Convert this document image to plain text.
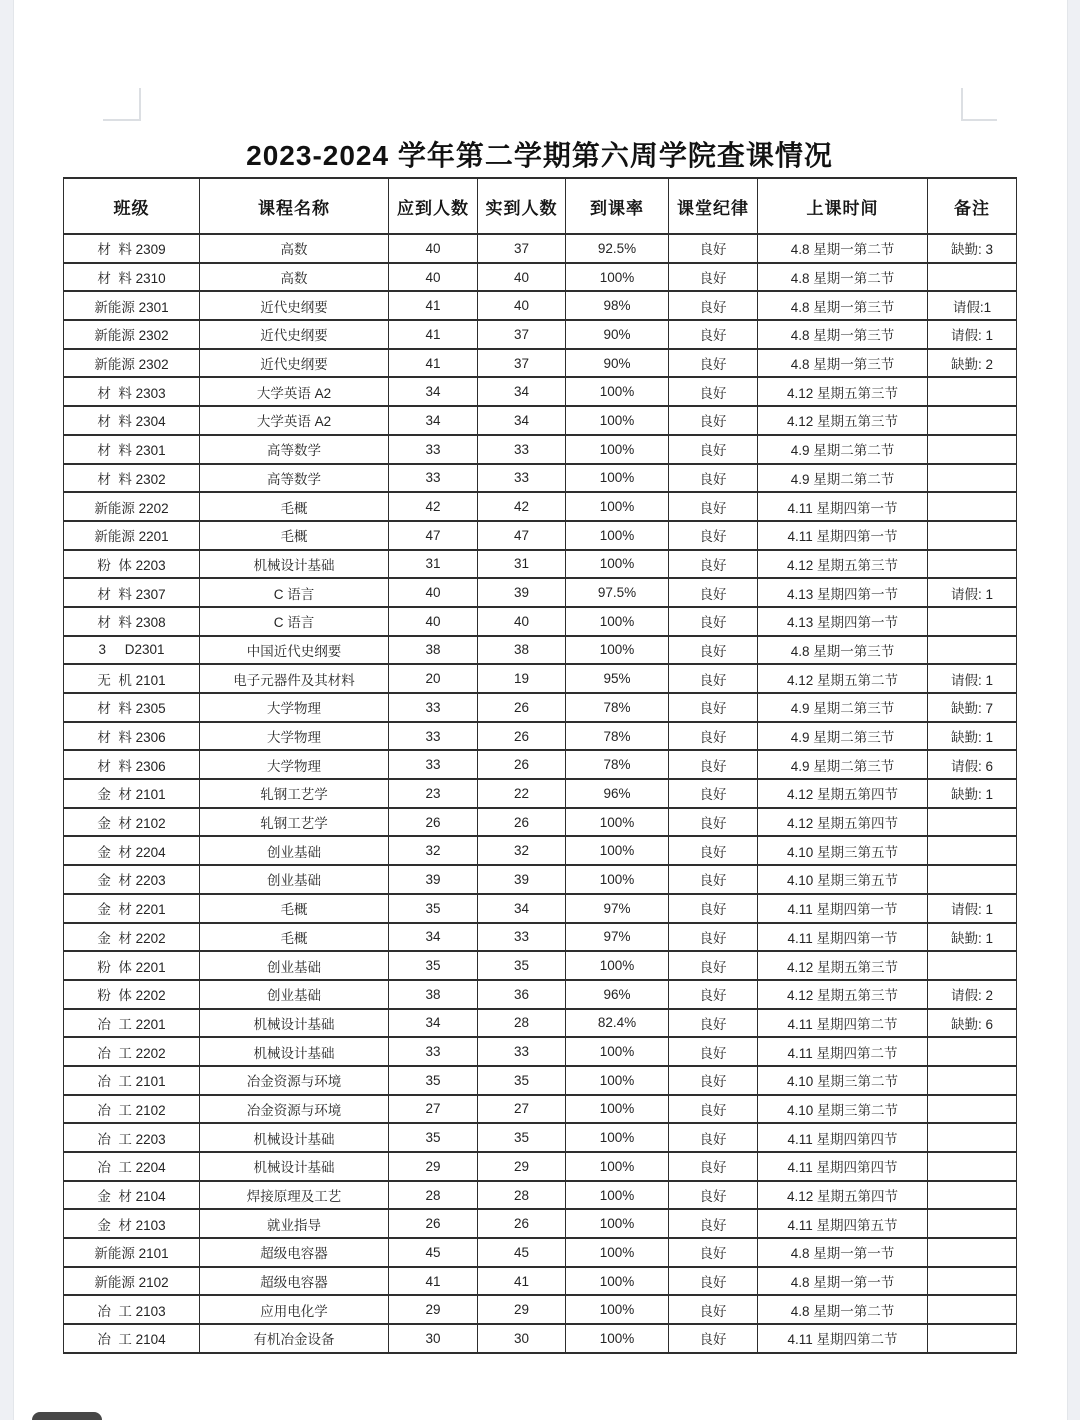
2023-2024 学年第二学期第六周学院查课情况
班级	课程名称	应到人数	实到人数	到课率	课堂纪律	上课时间	备注
材  料 2309	高数	40	37	92.5%	良好	4.8 星期一第二节	缺勤: 3
材  料 2310	高数	40	40	100%	良好	4.8 星期一第二节	
新能源 2301	近代史纲要	41	40	98%	良好	4.8 星期一第三节	请假:1
新能源 2302	近代史纲要	41	37	90%	良好	4.8 星期一第三节	请假: 1
新能源 2302	近代史纲要	41	37	90%	良好	4.8 星期一第三节	缺勤: 2
材  料 2303	大学英语 A2	34	34	100%	良好	4.12 星期五第三节	
材  料 2304	大学英语 A2	34	34	100%	良好	4.12 星期五第三节	
材  料 2301	高等数学	33	33	100%	良好	4.9 星期二第二节	
材  料 2302	高等数学	33	33	100%	良好	4.9 星期二第二节	
新能源 2202	毛概	42	42	100%	良好	4.11 星期四第一节	
新能源 2201	毛概	47	47	100%	良好	4.11 星期四第一节	
粉  体 2203	机械设计基础	31	31	100%	良好	4.12 星期五第三节	
材  料 2307	C 语言	40	39	97.5%	良好	4.13 星期四第一节	请假: 1
材  料 2308	C 语言	40	40	100%	良好	4.13 星期四第一节	
3     D2301	中国近代史纲要	38	38	100%	良好	4.8 星期一第三节	
无  机 2101	电子元器件及其材料	20	19	95%	良好	4.12 星期五第二节	请假: 1
材  料 2305	大学物理	33	26	78%	良好	4.9 星期二第三节	缺勤: 7
材  料 2306	大学物理	33	26	78%	良好	4.9 星期二第三节	缺勤: 1
材  料 2306	大学物理	33	26	78%	良好	4.9 星期二第三节	请假: 6
金  材 2101	轧钢工艺学	23	22	96%	良好	4.12 星期五第四节	缺勤: 1
金  材 2102	轧钢工艺学	26	26	100%	良好	4.12 星期五第四节	
金  材 2204	创业基础	32	32	100%	良好	4.10 星期三第五节	
金  材 2203	创业基础	39	39	100%	良好	4.10 星期三第五节	
金  材 2201	毛概	35	34	97%	良好	4.11 星期四第一节	请假: 1
金  材 2202	毛概	34	33	97%	良好	4.11 星期四第一节	缺勤: 1
粉  体 2201	创业基础	35	35	100%	良好	4.12 星期五第三节	
粉  体 2202	创业基础	38	36	96%	良好	4.12 星期五第三节	请假: 2
冶  工 2201	机械设计基础	34	28	82.4%	良好	4.11 星期四第二节	缺勤: 6
冶  工 2202	机械设计基础	33	33	100%	良好	4.11 星期四第二节	
冶  工 2101	冶金资源与环境	35	35	100%	良好	4.10 星期三第二节	
冶  工 2102	冶金资源与环境	27	27	100%	良好	4.10 星期三第二节	
冶  工 2203	机械设计基础	35	35	100%	良好	4.11 星期四第四节	
冶  工 2204	机械设计基础	29	29	100%	良好	4.11 星期四第四节	
金  材 2104	焊接原理及工艺	28	28	100%	良好	4.12 星期五第四节	
金  材 2103	就业指导	26	26	100%	良好	4.11 星期四第五节	
新能源 2101	超级电容器	45	45	100%	良好	4.8 星期一第一节	
新能源 2102	超级电容器	41	41	100%	良好	4.8 星期一第一节	
冶  工 2103	应用电化学	29	29	100%	良好	4.8 星期一第二节	
冶  工 2104	有机冶金设备	30	30	100%	良好	4.11 星期四第二节	
